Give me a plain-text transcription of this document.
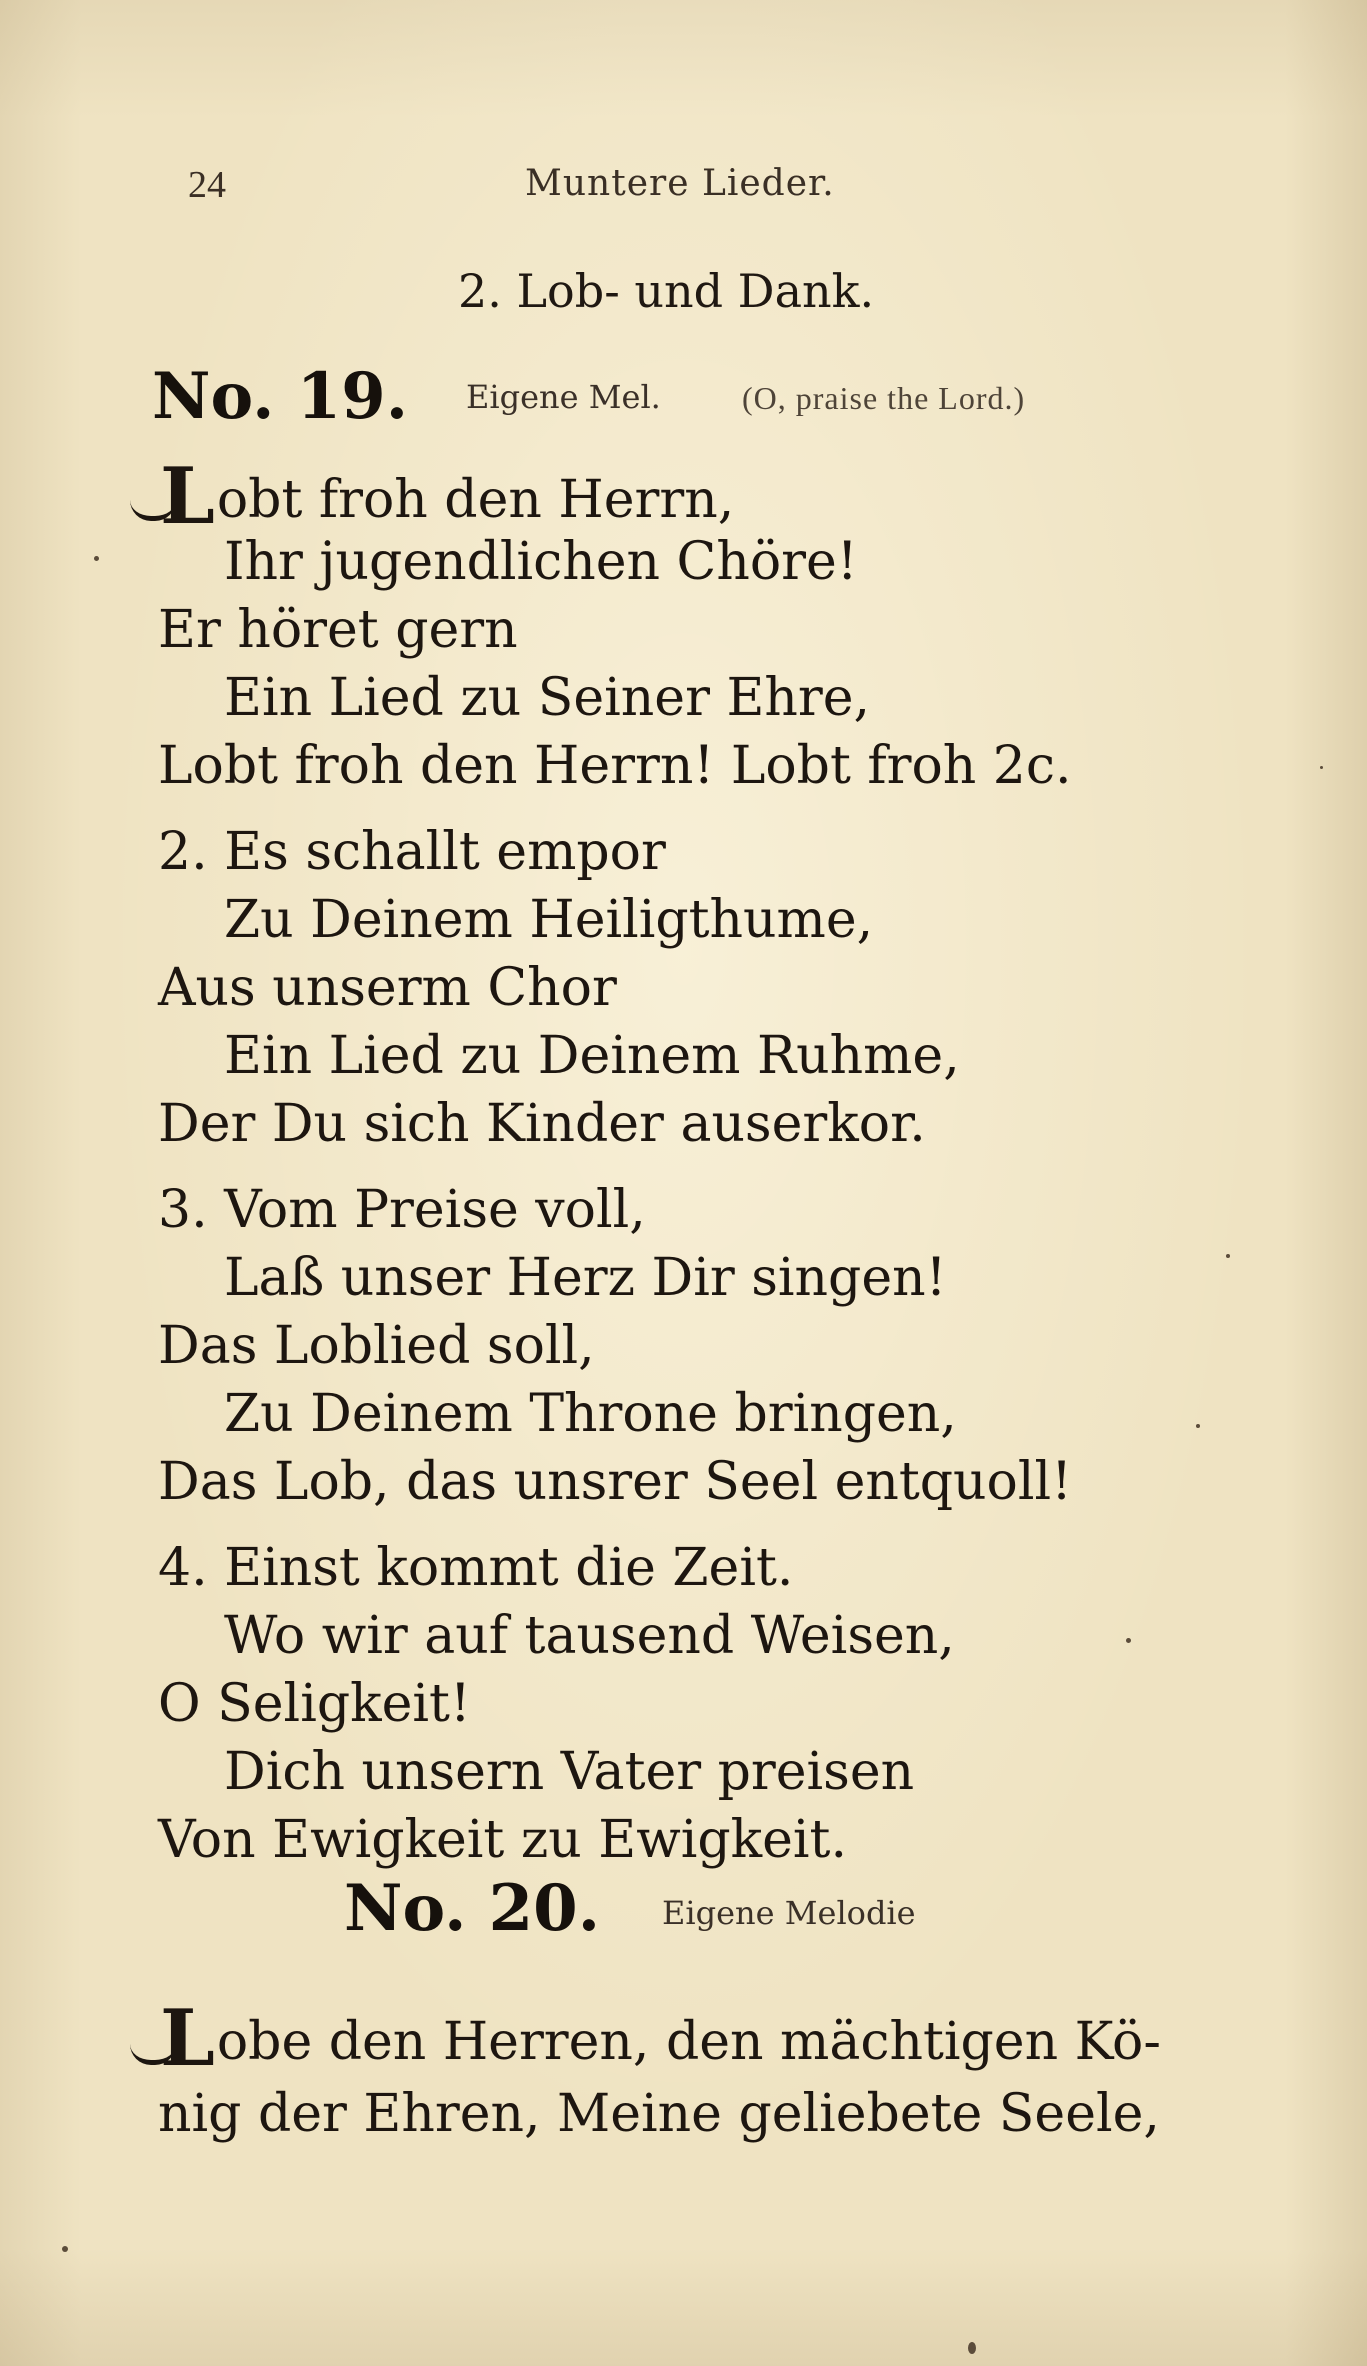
24	Muntere Lieder.
2. Lob- und Dank.
No. 19. Eigene Mel.	(O, praise the Lord.)
Lobt froh den Herrn,
Ihr jugendlichen Chöre!
Er höret gern
Ein Lied zu Seiner Ehre,
Lobt froh den Herrn! Lobt froh 2c.
2. Es schallt empor
Zu Deinem Heiligthume,
Aus unserm Chor
Ein Lied zu Deinem Ruhme,
Der Du sich Kinder auserkor.
3. Vom Preise voll,
Laß unser Herz Dir singen!
Das Loblied soll,
Zu Deinem Throne bringen,
Das Lob, das unsrer Seel entquoll!
4. Einst kommt die Zeit.
Wo wir auf tausend Weisen,
O Seligkeit!
Dich unsern Vater preisen
Von Ewigkeit zu Ewigkeit.
No. 20. Eigene Melodie
Lobe den Herren, den mächtigen Kö-
nig der Ehren, Meine geliebete Seele,
